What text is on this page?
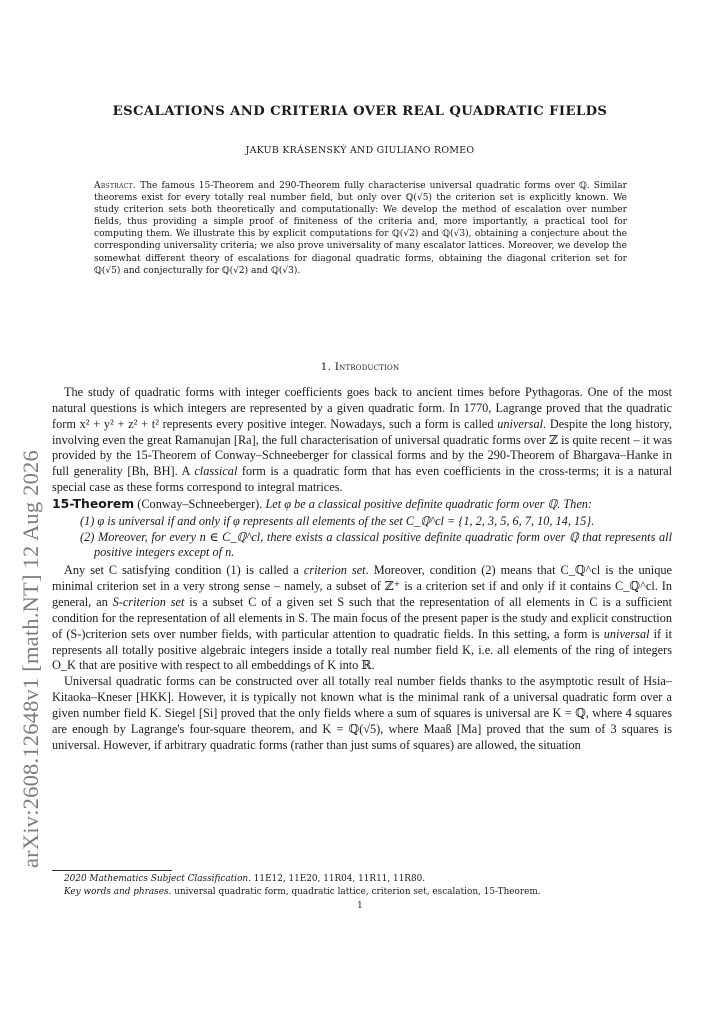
arXiv:2608.12648v1 [math.NT] 12 Aug 2026
ESCALATIONS AND CRITERIA OVER REAL QUADRATIC FIELDS
JAKUB KRÁSENSKÝ AND GIULIANO ROMEO
Abstract. The famous 15-Theorem and 290-Theorem fully characterise universal quadratic forms over ℚ. Similar theorems exist for every totally real number field, but only over ℚ(√5) the criterion set is explicitly known. We study criterion sets both theoretically and computationally: We develop the method of escalation over number fields, thus providing a simple proof of finiteness of the criteria and, more importantly, a practical tool for computing them. We illustrate this by explicit computations for ℚ(√2) and ℚ(√3), obtaining a conjecture about the corresponding universality criteria; we also prove universality of many escalator lattices. Moreover, we develop the somewhat different theory of escalations for diagonal quadratic forms, obtaining the diagonal criterion set for ℚ(√5) and conjecturally for ℚ(√2) and ℚ(√3).
1. Introduction

The study of quadratic forms with integer coefficients goes back to ancient times before Pythagoras. One of the most natural questions is which integers are represented by a given quadratic form. In 1770, Lagrange proved that the quadratic form x² + y² + z² + t² represents every positive integer. Nowadays, such a form is called universal. Despite the long history, involving even the great Ramanujan [Ra], the full characterisation of universal quadratic forms over ℤ is quite recent – it was provided by the 15-Theorem of Conway–Schneeberger for classical forms and by the 290-Theorem of Bhargava–Hanke in full generality [Bh, BH]. A classical form is a quadratic form that has even coefficients in the cross-terms; it is a natural special case as these forms correspond to integral matrices.

15-Theorem (Conway–Schneeberger). Let φ be a classical positive definite quadratic form over ℚ. Then:

(1) φ is universal if and only if φ represents all elements of the set C_ℚ^cl = {1, 2, 3, 5, 6, 7, 10, 14, 15}.
(2) Moreover, for every n ∈ C_ℚ^cl, there exists a classical positive definite quadratic form over ℚ that represents all positive integers except of n.

Any set C satisfying condition (1) is called a criterion set. Moreover, condition (2) means that C_ℚ^cl is the unique minimal criterion set in a very strong sense – namely, a subset of ℤ⁺ is a criterion set if and only if it contains C_ℚ^cl. In general, an S-criterion set is a subset C of a given set S such that the representation of all elements in C is a sufficient condition for the representation of all elements in S. The main focus of the present paper is the study and explicit construction of (S-)criterion sets over number fields, with particular attention to quadratic fields. In this setting, a form is universal if it represents all totally positive algebraic integers inside a totally real number field K, i.e. all elements of the ring of integers O_K that are positive with respect to all embeddings of K into ℝ.

Universal quadratic forms can be constructed over all totally real number fields thanks to the asymptotic result of Hsia–Kitaoka–Kneser [HKK]. However, it is typically not known what is the minimal rank of a universal quadratic form over a given number field K. Siegel [Si] proved that the only fields where a sum of squares is universal are K = ℚ, where 4 squares are enough by Lagrange's four-square theorem, and K = ℚ(√5), where Maaß [Ma] proved that the sum of 3 squares is universal. However, if arbitrary quadratic forms (rather than just sums of squares) are allowed, the situation

2020 Mathematics Subject Classification. 11E12, 11E20, 11R04, 11R11, 11R80.
Key words and phrases. universal quadratic form, quadratic lattice, criterion set, escalation, 15-Theorem.
1
